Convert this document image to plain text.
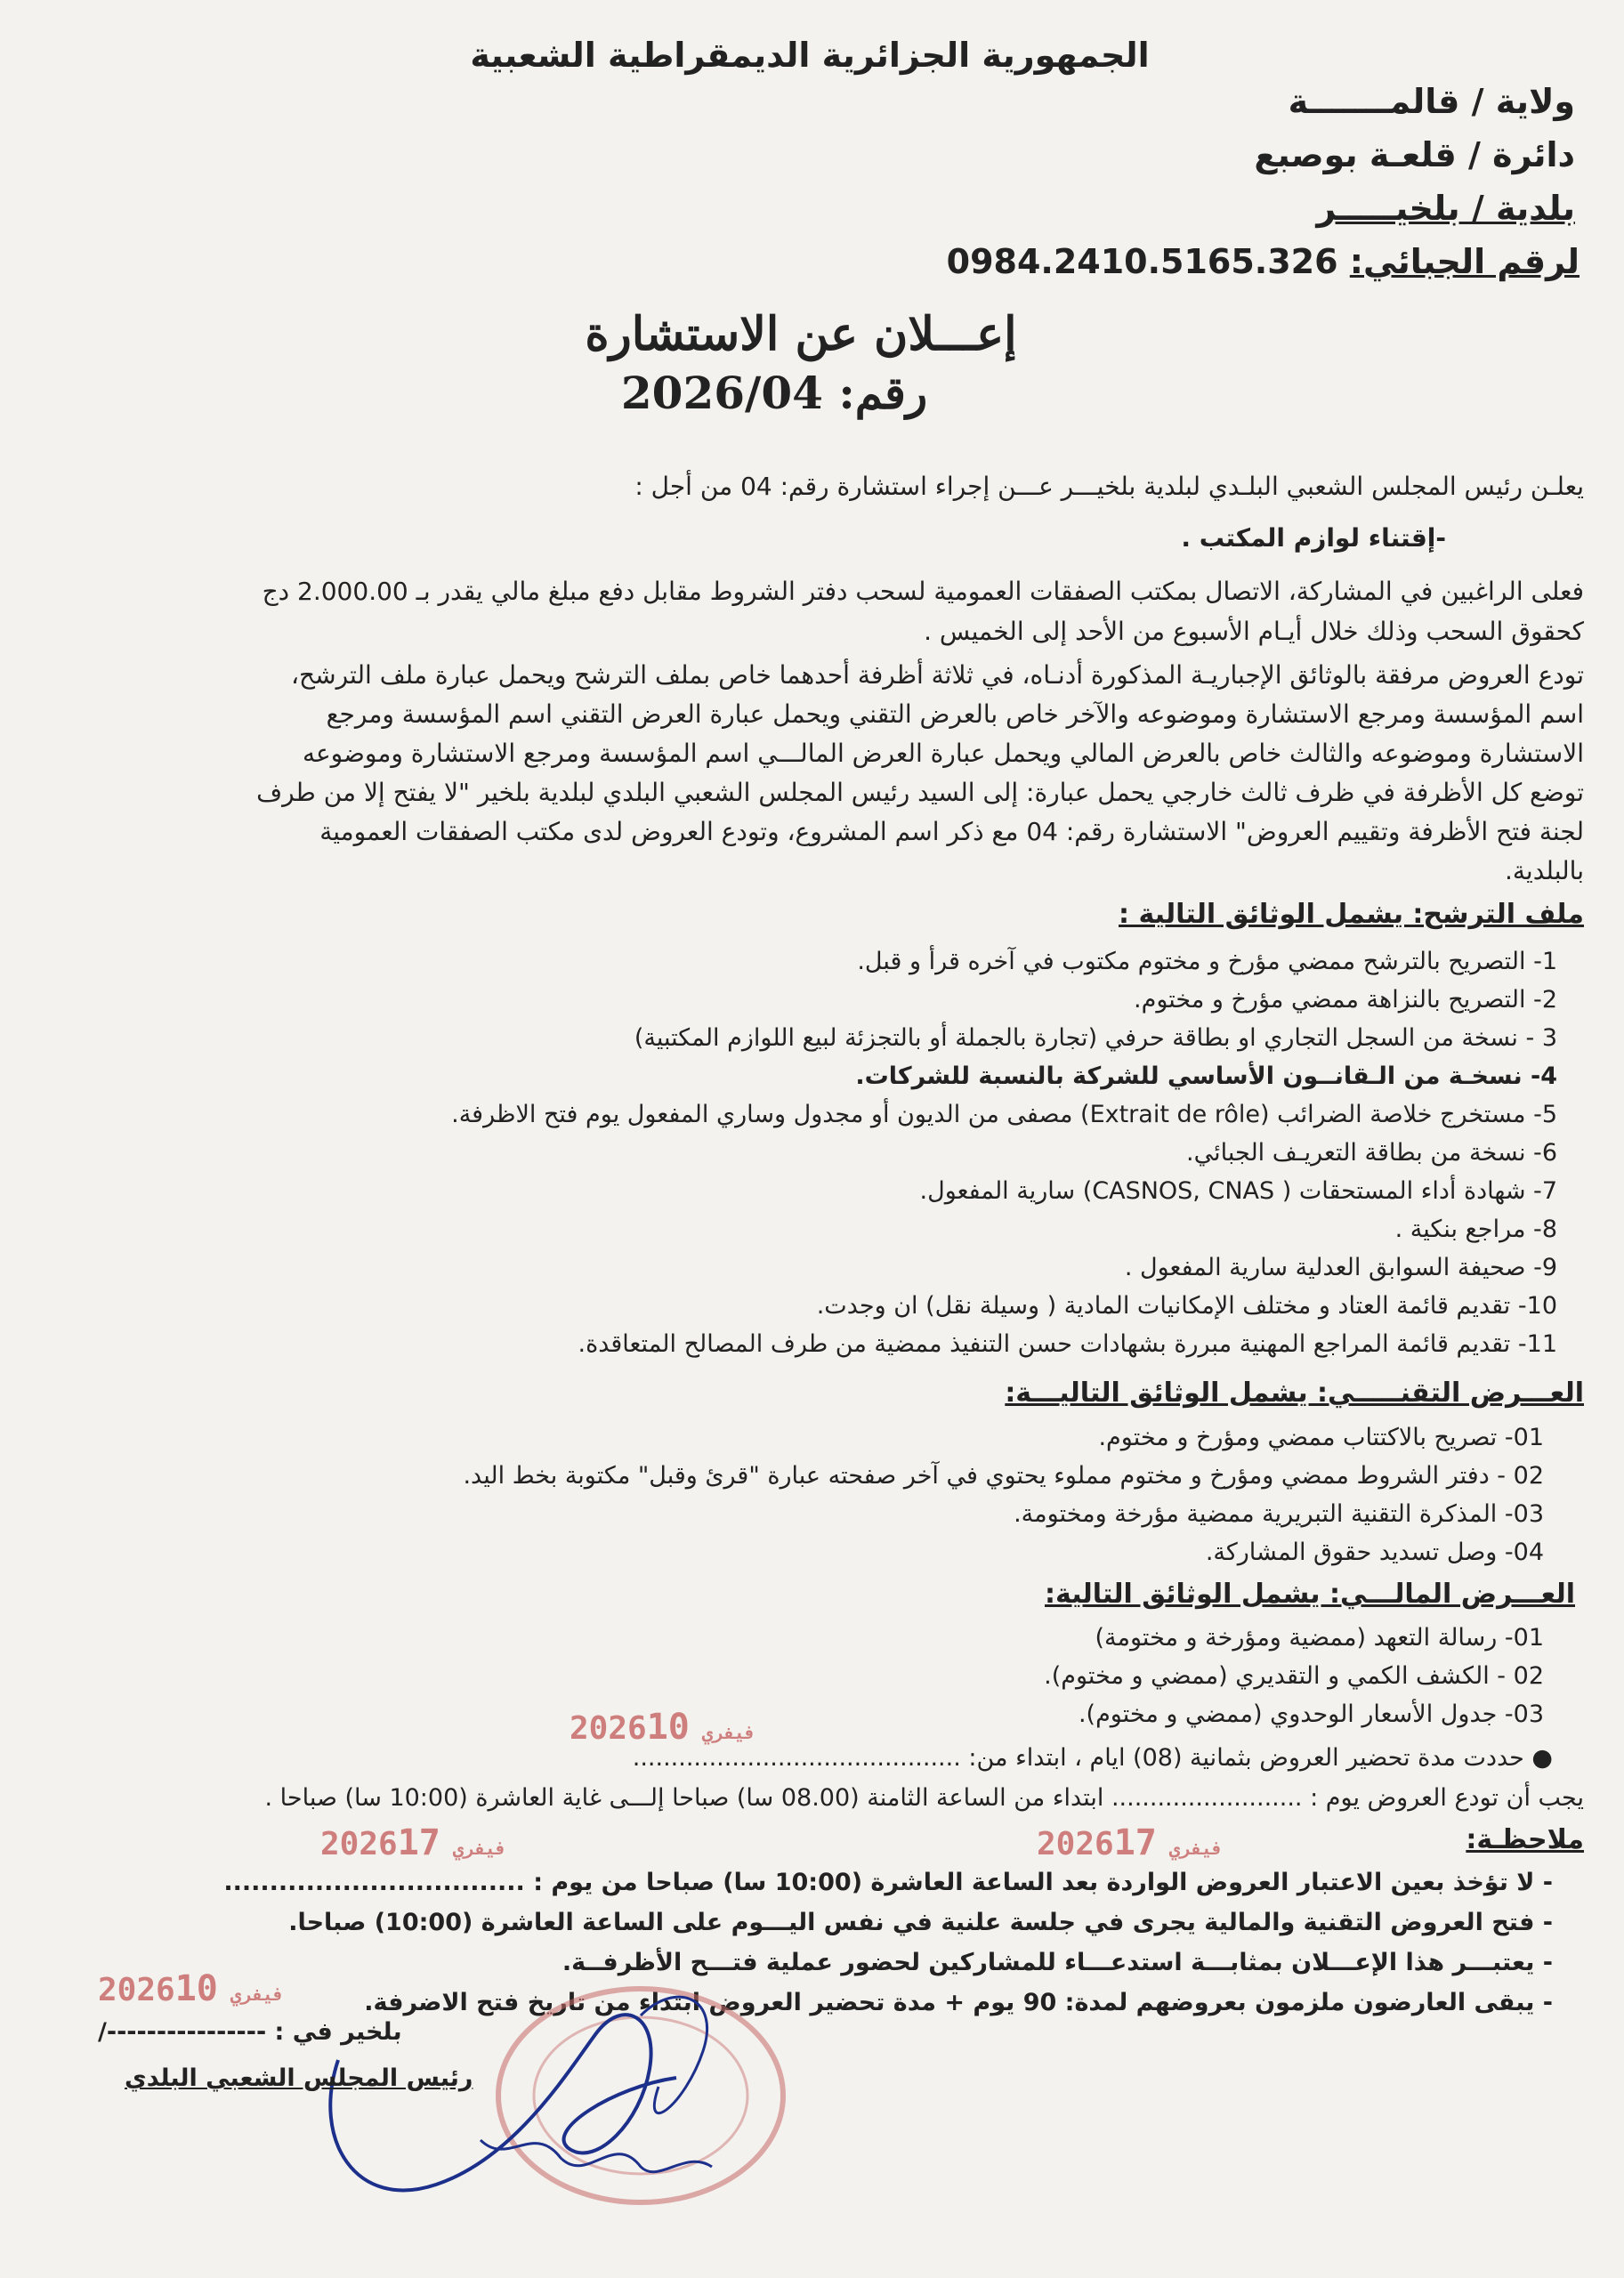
الجمهورية الجزائرية الديمقراطية الشعبية
ولاية / قالمـــــــة
دائرة / قلعـة بوصبع
بلدية / بلخيـــــر
لرقم الجبائي: 0984.2410.5165.326
إعـــلان عن الاستشارة
رقم: 2026/04
يعلـن رئيس المجلس الشعبي البلـدي لبلدية بلخيـــر عـــن إجراء استشارة رقم: 04 من أجل :
-إقتناء لوازم المكتب .
فعلى الراغبين في المشاركة، الاتصال بمكتب الصفقات العمومية لسحب دفتر الشروط مقابل دفع مبلغ مالي يقدر بـ 2.000.00 دج
كحقوق السحب وذلك خلال أيـام الأسبوع من الأحد إلى الخميس .
تودع العروض مرفقة بالوثائق الإجباريـة المذكورة أدنـاه، في ثلاثة أظرفة أحدهما خاص بملف الترشح ويحمل عبارة ملف الترشح،
اسم المؤسسة ومرجع الاستشارة وموضوعه والآخر خاص بالعرض التقني ويحمل عبارة العرض التقني اسم المؤسسة ومرجع
الاستشارة وموضوعه والثالث خاص بالعرض المالي ويحمل عبارة العرض المالـــي اسم المؤسسة ومرجع الاستشارة وموضوعه
توضع كل الأظرفة في ظرف ثالث خارجي يحمل عبارة: إلى السيد رئيس المجلس الشعبي البلدي لبلدية بلخير "لا يفتح إلا من طرف
لجنة فتح الأظرفة وتقييم العروض" الاستشارة رقم: 04 مع ذكر اسم المشروع، وتودع العروض لدى مكتب الصفقات العمومية
بالبلدية.
ملف الترشح: يشمل الوثائق التالية :
1- التصريح بالترشح ممضي مؤرخ و مختوم مكتوب في آخره قرأ و قبل.
2- التصريح بالنزاهة ممضي مؤرخ و مختوم.
3 - نسخة من السجل التجاري او بطاقة حرفي (تجارة بالجملة أو بالتجزئة لبيع اللوازم المكتبية)
4- نسخـة من الـقانــون الأساسي للشركة بالنسبة للشركات.
5- مستخرج خلاصة الضرائب (Extrait de rôle) مصفى من الديون أو مجدول وساري المفعول يوم فتح الاظرفة.
6- نسخة من بطاقة التعريـف الجبائي.
7- شهادة أداء المستحقات ( CASNOS, CNAS) سارية المفعول.
8- مراجع بنكية .
9- صحيفة السوابق العدلية سارية المفعول .
10- تقديم قائمة العتاد و مختلف الإمكانيات المادية ( وسيلة نقل) ان وجدت.
11- تقديم قائمة المراجع المهنية مبررة بشهادات حسن التنفيذ ممضية من طرف المصالح المتعاقدة.
العـــرض التقنـــــي: يشمل الوثائق التاليـــة:
01- تصريح بالاكتتاب ممضي ومؤرخ و مختوم.
02 - دفتر الشروط ممضي ومؤرخ و مختوم مملوء يحتوي في آخر صفحته عبارة "قرئ وقبل" مكتوبة بخط اليد.
03- المذكرة التقنية التبريرية ممضية مؤرخة ومختومة.
04- وصل تسديد حقوق المشاركة.
العـــرض المالـــي: يشمل الوثائق التالية:
01- رسالة التعهد (ممضية ومؤرخة و مختومة)
02 - الكشف الكمي و التقديري (ممضي و مختوم).
03- جدول الأسعار الوحدوي (ممضي و مختوم).
2026	فيفري10
● حددت مدة تحضير العروض بثمانية (08) ايام ، ابتداء من: ...........................................
يجب أن تودع العروض يوم : ......................... ابتداء من الساعة الثامنة (08.00 سا) صباحا إلـــى غاية العاشرة (10:00 سا) صباحا .
2026	فيفري17	2026	فيفري17	ملاحظـة:
- لا تؤخذ بعين الاعتبار العروض الواردة بعد الساعة العاشرة (10:00 سا) صباحا من يوم : .................................
- فتح العروض التقنية والمالية يجرى في جلسة علنية في نفس اليـــوم على الساعة العاشرة (10:00) صباحا.
- يعتبـــر هذا الإعـــلان بمثابـــة استدعـــاء للمشاركين لحضور عملية فتـــح الأظرفــة.
- يبقى العارضون ملزمون بعروضهم لمدة: 90 يوم + مدة تحضير العروض ابتداء من تاريخ فتح الاضرفة.
2026	فيفري10
بلخير في : ----------------/
رئيس المجلس الشعبي البلدي
